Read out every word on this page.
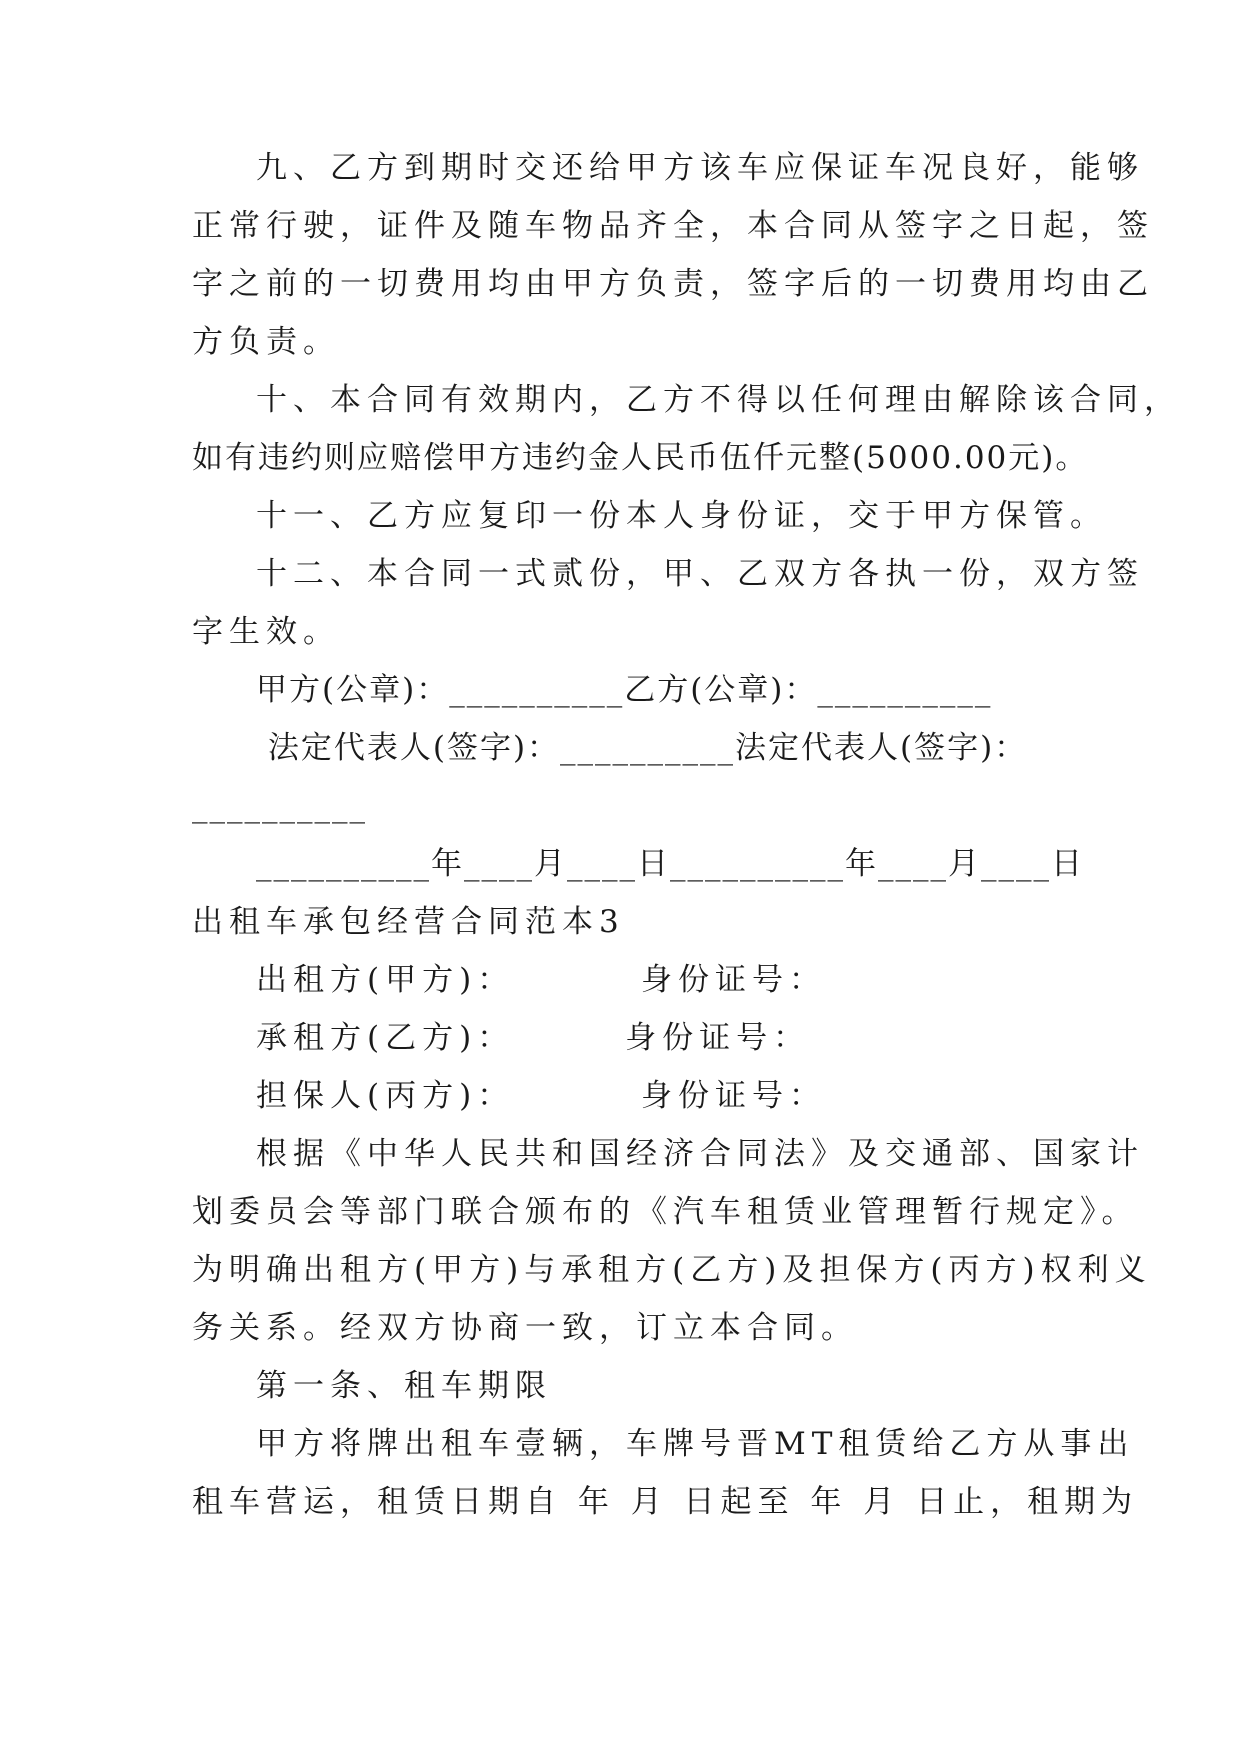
九、乙方到期时交还给甲方该车应保证车况良好，能够

正常行驶，证件及随车物品齐全，本合同从签字之日起，签

字之前的一切费用均由甲方负责，签字后的一切费用均由乙

方负责。

十、本合同有效期内，乙方不得以任何理由解除该合同，

如有违约则应赔偿甲方违约金人民币伍仟元整(5000.00元)。

十一、乙方应复印一份本人身份证，交于甲方保管。

十二、本合同一式贰份，甲、乙双方各执一份，双方签

字生效。

甲方(公章)：__________乙方(公章)：__________

法定代表人(签字)：__________法定代表人(签字)：

__________

__________年____月____日__________年____月____日

出租车承包经营合同范本3

出租方(甲方)：        身份证号：

承租方(乙方)：       身份证号：

担保人(丙方)：        身份证号：

根据《中华人民共和国经济合同法》及交通部、国家计

划委员会等部门联合颁布的《汽车租赁业管理暂行规定》。

为明确出租方(甲方)与承租方(乙方)及担保方(丙方)权利义

务关系。经双方协商一致，订立本合同。

第一条、租车期限

甲方将牌出租车壹辆，车牌号晋MT租赁给乙方从事出

租车营运，租赁日期自 年 月 日起至 年 月 日止，租期为
